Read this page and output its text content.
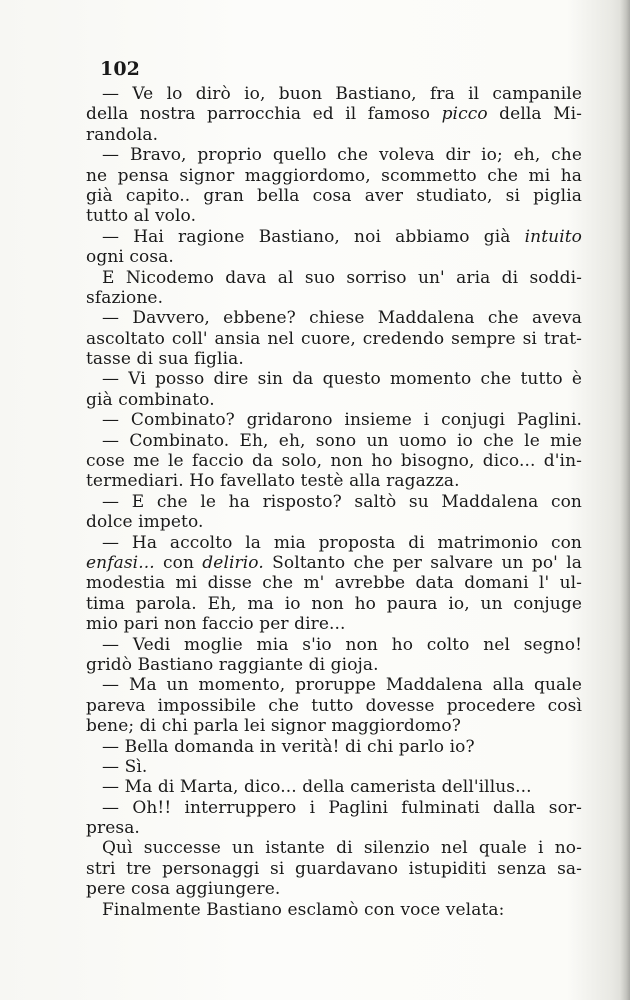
102
— Ve lo dirò io, buon Bastiano, fra il campanile
della nostra parrocchia ed il famoso picco della Mi-
randola.
— Bravo, proprio quello che voleva dir io; eh, che
ne pensa signor maggiordomo, scommetto che mi ha
già capito.. gran bella cosa aver studiato, si piglia
tutto al volo.
— Hai ragione Bastiano, noi abbiamo già intuito
ogni cosa.
E Nicodemo dava al suo sorriso un' aria di soddi-
sfazione.
— Davvero, ebbene? chiese Maddalena che aveva
ascoltato coll' ansia nel cuore, credendo sempre si trat-
tasse di sua figlia.
— Vi posso dire sin da questo momento che tutto è
già combinato.
— Combinato? gridarono insieme i conjugi Paglini.
— Combinato. Eh, eh, sono un uomo io che le mie
cose me le faccio da solo, non ho bisogno, dico... d'in-
termediari. Ho favellato testè alla ragazza.
— E che le ha risposto? saltò su Maddalena con
dolce impeto.
— Ha accolto la mia proposta di matrimonio con
enfasi... con delirio. Soltanto che per salvare un po' la
modestia mi disse che m' avrebbe data domani l' ul-
tima parola. Eh, ma io non ho paura io, un conjuge
mio pari non faccio per dire...
— Vedi moglie mia s'io non ho colto nel segno!
gridò Bastiano raggiante di gioja.
— Ma un momento, proruppe Maddalena alla quale
pareva impossibile che tutto dovesse procedere così
bene; di chi parla lei signor maggiordomo?
— Bella domanda in verità! di chi parlo io?
— Sì.
— Ma di Marta, dico... della camerista dell'illus...
— Oh!! interruppero i Paglini fulminati dalla sor-
presa.
Quì successe un istante di silenzio nel quale i no-
stri tre personaggi si guardavano istupiditi senza sa-
pere cosa aggiungere.
Finalmente Bastiano esclamò con voce velata:
